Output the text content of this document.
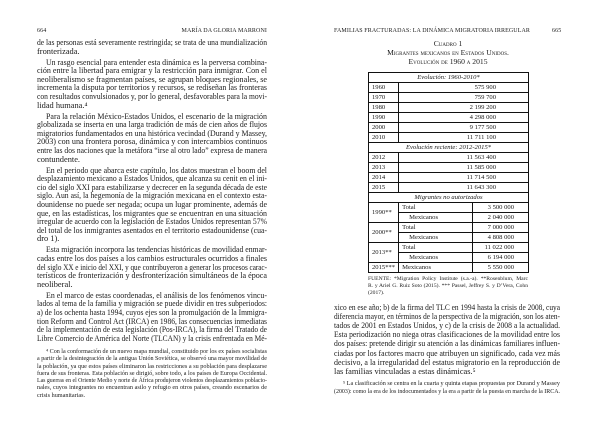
664	MARÍA DA GLORIA MARRONI	FAMILIAS FRACTURADAS: LA DINÁMICA MIGRATORIA IRREGULAR	665
de las personas está severamente restringida; se trata de una mundialización
fronterizada.
Un rasgo esencial para entender esta dinámica es la perversa combina-
ción entre la libertad para emigrar y la restricción para inmigrar. Con el
neoliberalismo se fragmentan países, se agrupan bloques regionales, se
incrementa la disputa por territorios y recursos, se rediseñan las fronteras
con resultados convulsionados y, por lo general, desfavorables para la movi-
lidad humana.⁴
Para la relación México-Estados Unidos, el escenario de la migración
globalizada se inserta en una larga tradición de más de cien años de flujos
migratorios fundamentados en una histórica vecindad (Durand y Massey,
2003) con una frontera porosa, dinámica y con intercambios continuos
entre las dos naciones que la metáfora “irse al otro lado” expresa de manera
contundente.
En el periodo que abarca este capítulo, los datos muestran el boom del
desplazamiento mexicano a Estados Unidos, que alcanza su cenit en el ini-
cio del siglo XXI para estabilizarse y decrecer en la segunda década de este
siglo. Aun así, la hegemonía de la migración mexicana en el contexto esta-
dounidense no puede ser negada; ocupa un lugar prominente, además de
que, en las estadísticas, los migrantes que se encuentran en una situación
irregular de acuerdo con la legislación de Estados Unidos representan 57%
del total de los inmigrantes asentados en el territorio estadounidense (cua-
dro 1).
Esta migración incorpora las tendencias históricas de movilidad enmar-
cadas entre los dos países a los cambios estructurales ocurridos a finales
del siglo XX e inicio del XXI, y que contribuyeron a generar los procesos carac-
terísticos de fronterización y desfronterización simultáneos de la época
neoliberal.
En el marco de estas coordenadas, el análisis de los fenómenos vincu-
lados al tema de la familia y migración se puede dividir en tres subperiodos:
a) de los ochenta hasta 1994, cuyos ejes son la promulgación de la Immigra-
tion Reform and Control Act (IRCA) en 1986, las consecuencias inmediatas
de la implementación de esta legislación (Pos-IRCA), la firma del Tratado de
Libre Comercio de América del Norte (TLCAN) y la crisis enfrentada en Mé-
⁴ Con la conformación de un nuevo mapa mundial, constituido por los ex países socialistas
a partir de la desintegración de la antigua Unión Soviética, se observó una mayor movilidad de
la población, ya que estos países eliminaron las restricciones a su población para desplazarse
fuera de sus fronteras. Esta población se dirigió, sobre todo, a los países de Europa Occidental.
Las guerras en el Oriente Medio y norte de África produjeron violentos desplazamientos poblacio-
nales, cuyos integrantes no encuentran asilo y refugio en otros países, creando escenarios de
crisis humanitarias.
Cuadro 1
Migrantes mexicanos en Estados Unidos.
Evolución de 1960 a 2015
Evolución: 1960-2010*		
1960	575 900	
1970	759 700	
1980	2 199 200	
1990	4 298 000	
2000	9 177 500	
2010	11 711 100	
Evolución reciente: 2012-2015*		
2012	11 563 400	
2013	11 585 000	
2014	11 714 500	
2015	11 643 300	
Migrantes no autorizados		
1990**	Total	3 500 000
	Mexicanos	2 040 000
2000**	Total	7 000 000
	Mexicanos	4 808 000
2013**	Total	11 022 000
	Mexicanos	6 194 000
2015***	Mexicanos	5 550 000
FUENTE: *Migration Policy Institute (s.a.-a). **Rosenblum, Marc
R. y Ariel G. Ruiz Soto (2015). *** Passel, Jeffrey S. y D’Vera, Cohn
(2017).
xico en ese año; b) de la firma del TLC en 1994 hasta la crisis de 2008, cuya
diferencia mayor, en términos de la perspectiva de la migración, son los aten-
tados de 2001 en Estados Unidos, y c) de la crisis de 2008 a la actualidad.
Esta periodización no niega otras clasificaciones de la movilidad entre los
dos países: pretende dirigir su atención a las dinámicas familiares influen-
ciadas por los factores macro que atribuyen un significado, cada vez más
decisivo, a la irregularidad del estatus migratorio en la reproducción de
las familias vinculadas a estas dinámicas.⁵
⁵ La clasificación se centra en la cuarta y quinta etapas propuestas por Durand y Massey
(2003): como la era de los indocumentados y la era a partir de la puesta en marcha de la IRCA.
